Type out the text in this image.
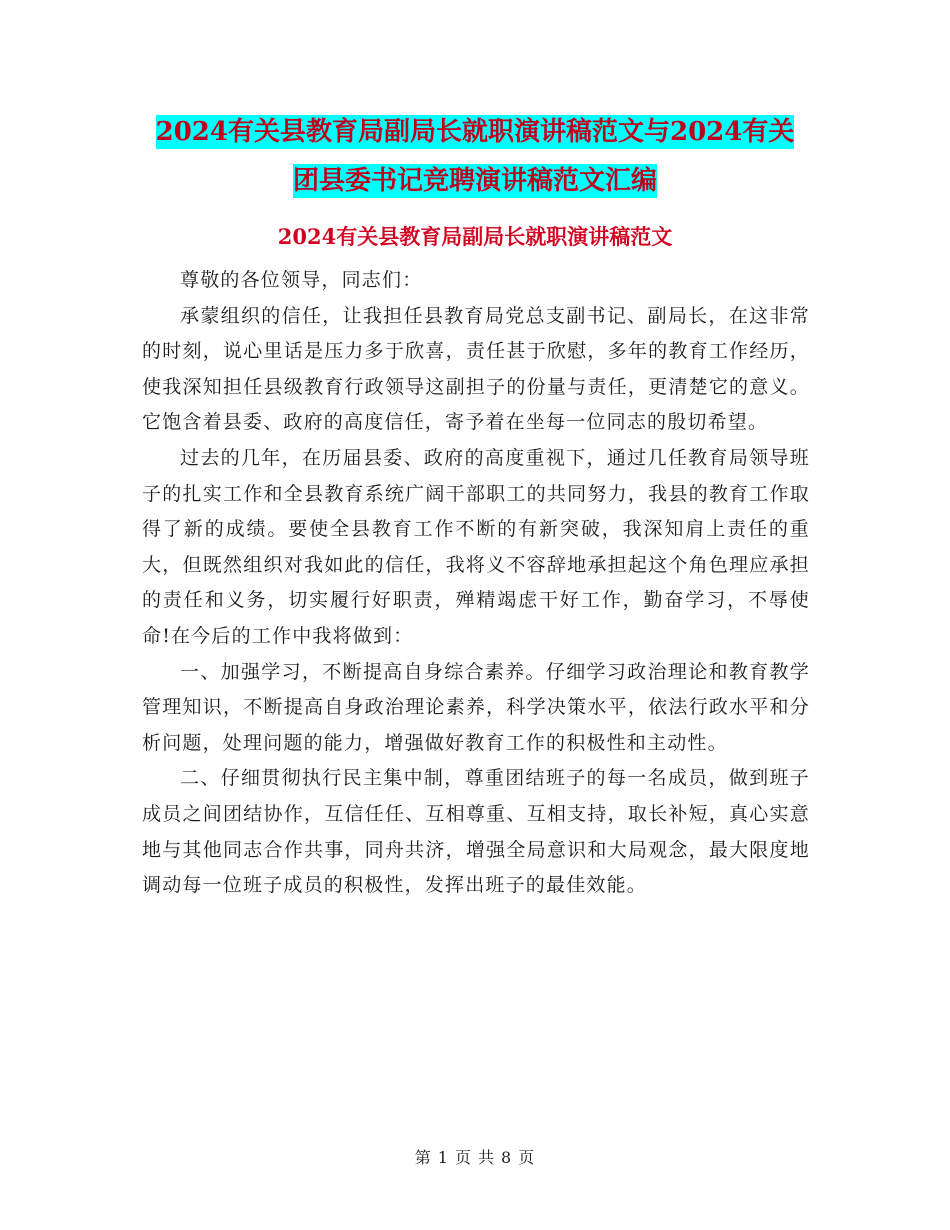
2024有关县教育局副局长就职演讲稿范文与2024有关
团县委书记竞聘演讲稿范文汇编
2024有关县教育局副局长就职演讲稿范文

尊敬的各位领导，同志们：

承蒙组织的信任，让我担任县教育局党总支副书记、副局长，在这非常的时刻，说心里话是压力多于欣喜，责任甚于欣慰，多年的教育工作经历，使我深知担任县级教育行政领导这副担子的份量与责任，更清楚它的意义。它饱含着县委、政府的高度信任，寄予着在坐每一位同志的殷切希望。

过去的几年，在历届县委、政府的高度重视下，通过几任教育局领导班子的扎实工作和全县教育系统广阔干部职工的共同努力，我县的教育工作取得了新的成绩。要使全县教育工作不断的有新突破，我深知肩上责任的重大，但既然组织对我如此的信任，我将义不容辞地承担起这个角色理应承担的责任和义务，切实履行好职责，殚精竭虑干好工作，勤奋学习，不辱使命!在今后的工作中我将做到：

一、加强学习，不断提高自身综合素养。仔细学习政治理论和教育教学管理知识，不断提高自身政治理论素养，科学决策水平，依法行政水平和分析问题，处理问题的能力，增强做好教育工作的积极性和主动性。

二、仔细贯彻执行民主集中制，尊重团结班子的每一名成员，做到班子成员之间团结协作，互信任任、互相尊重、互相支持，取长补短，真心实意地与其他同志合作共事，同舟共济，增强全局意识和大局观念，最大限度地调动每一位班子成员的积极性，发挥出班子的最佳效能。

第 1 页 共 8 页
